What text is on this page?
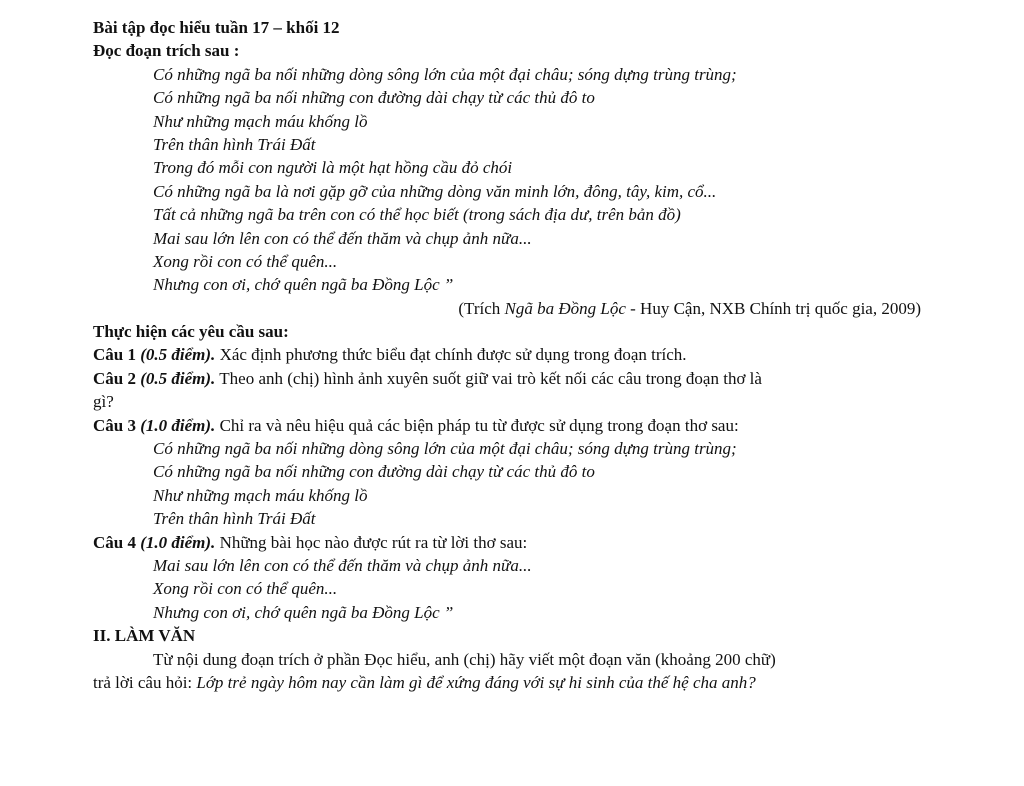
Bài tập đọc hiểu tuần 17 – khối 12
Đọc đoạn trích sau :
Có những ngã ba nối những dòng sông lớn của một đại châu; sóng dựng trùng trùng;
Có những ngã ba nối những con đường dài chạy từ các thủ đô to
Như những mạch máu khống lồ
Trên thân hình Trái Đất
Trong đó mỗi con người là một hạt hồng cầu đỏ chói
Có những ngã ba là nơi gặp gỡ của những dòng văn minh lớn, đông, tây, kim, cổ...
Tất cả những ngã ba trên con có thể học biết (trong sách địa dư, trên bản đồ)
Mai sau lớn lên con có thể đến thăm và chụp ảnh nữa...
Xong rồi con có thể quên...
Nhưng con ơi, chớ quên ngã ba Đồng Lộc ”
(Trích Ngã ba Đồng Lộc - Huy Cận, NXB Chính trị quốc gia, 2009)
Thực hiện các yêu cầu sau:
Câu 1 (0.5 điểm). Xác định phương thức biểu đạt chính được sử dụng trong đoạn trích.
Câu 2 (0.5 điểm). Theo anh (chị) hình ảnh xuyên suốt giữ vai trò kết nối các câu trong đoạn thơ là
gì?
Câu 3 (1.0 điểm). Chỉ ra và nêu hiệu quả các biện pháp tu từ được sử dụng trong đoạn thơ sau:
Có những ngã ba nối những dòng sông lớn của một đại châu; sóng dựng trùng trùng;
Có những ngã ba nối những con đường dài chạy từ các thủ đô to
Như những mạch máu khống lồ
Trên thân hình Trái Đất
Câu 4 (1.0 điểm). Những bài học nào được rút ra từ lời thơ sau:
Mai sau lớn lên con có thể đến thăm và chụp ảnh nữa...
Xong rồi con có thể quên...
Nhưng con ơi, chớ quên ngã ba Đồng Lộc ”
II. LÀM VĂN
Từ nội dung đoạn trích ở phần Đọc hiểu, anh (chị) hãy viết một đoạn văn (khoảng 200 chữ)
trả lời câu hỏi: Lớp trẻ ngày hôm nay cần làm gì để xứng đáng với sự hi sinh của thế hệ cha anh?
